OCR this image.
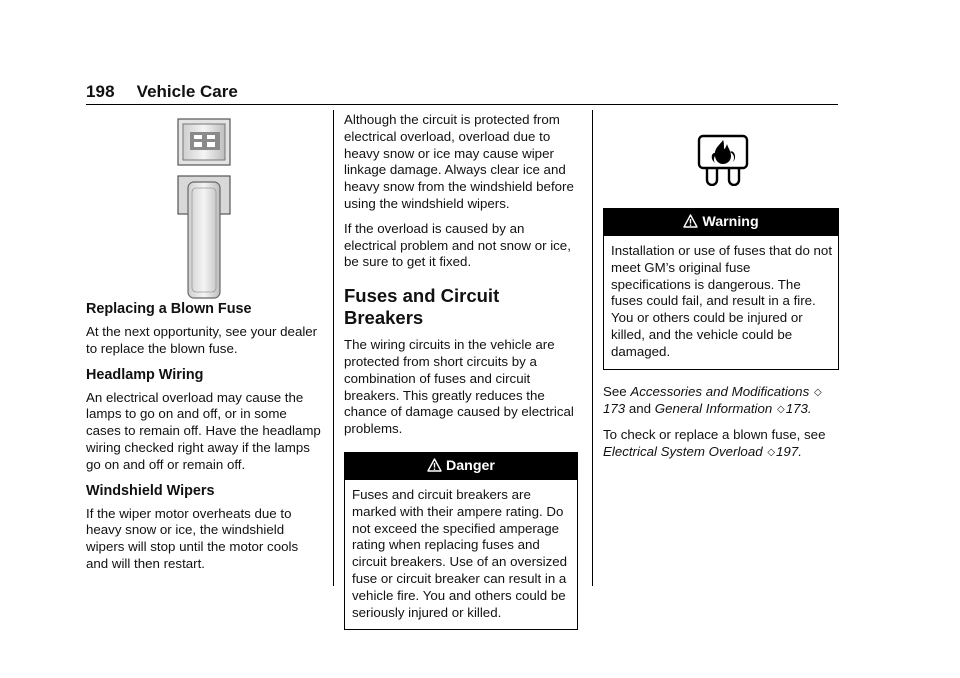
198 Vehicle Care
Replacing a Blown Fuse

At the next opportunity, see your dealer to replace the blown fuse.

Headlamp Wiring

An electrical overload may cause the lamps to go on and off, or in some cases to remain off. Have the headlamp wiring checked right away if the lamps go on and off or remain off.

Windshield Wipers

If the wiper motor overheats due to heavy snow or ice, the windshield wipers will stop until the motor cools and will then restart.

Although the circuit is protected from electrical overload, overload due to heavy snow or ice may cause wiper linkage damage. Always clear ice and heavy snow from the windshield before using the windshield wipers.

If the overload is caused by an electrical problem and not snow or ice, be sure to get it fixed.

Fuses and Circuit Breakers

The wiring circuits in the vehicle are protected from short circuits by a combination of fuses and circuit breakers. This greatly reduces the chance of damage caused by electrical problems.

Danger
Fuses and circuit breakers are marked with their ampere rating. Do not exceed the specified amperage rating when replacing fuses and circuit breakers. Use of an oversized fuse or circuit breaker can result in a vehicle fire. You and others could be seriously injured or killed.
Warning
Installation or use of fuses that do not meet GM’s original fuse specifications is dangerous. The fuses could fail, and result in a fire. You or others could be injured or killed, and the vehicle could be damaged.

See Accessories and Modifications ◇173 and General Information ◇173.

To check or replace a blown fuse, see Electrical System Overload ◇197.
